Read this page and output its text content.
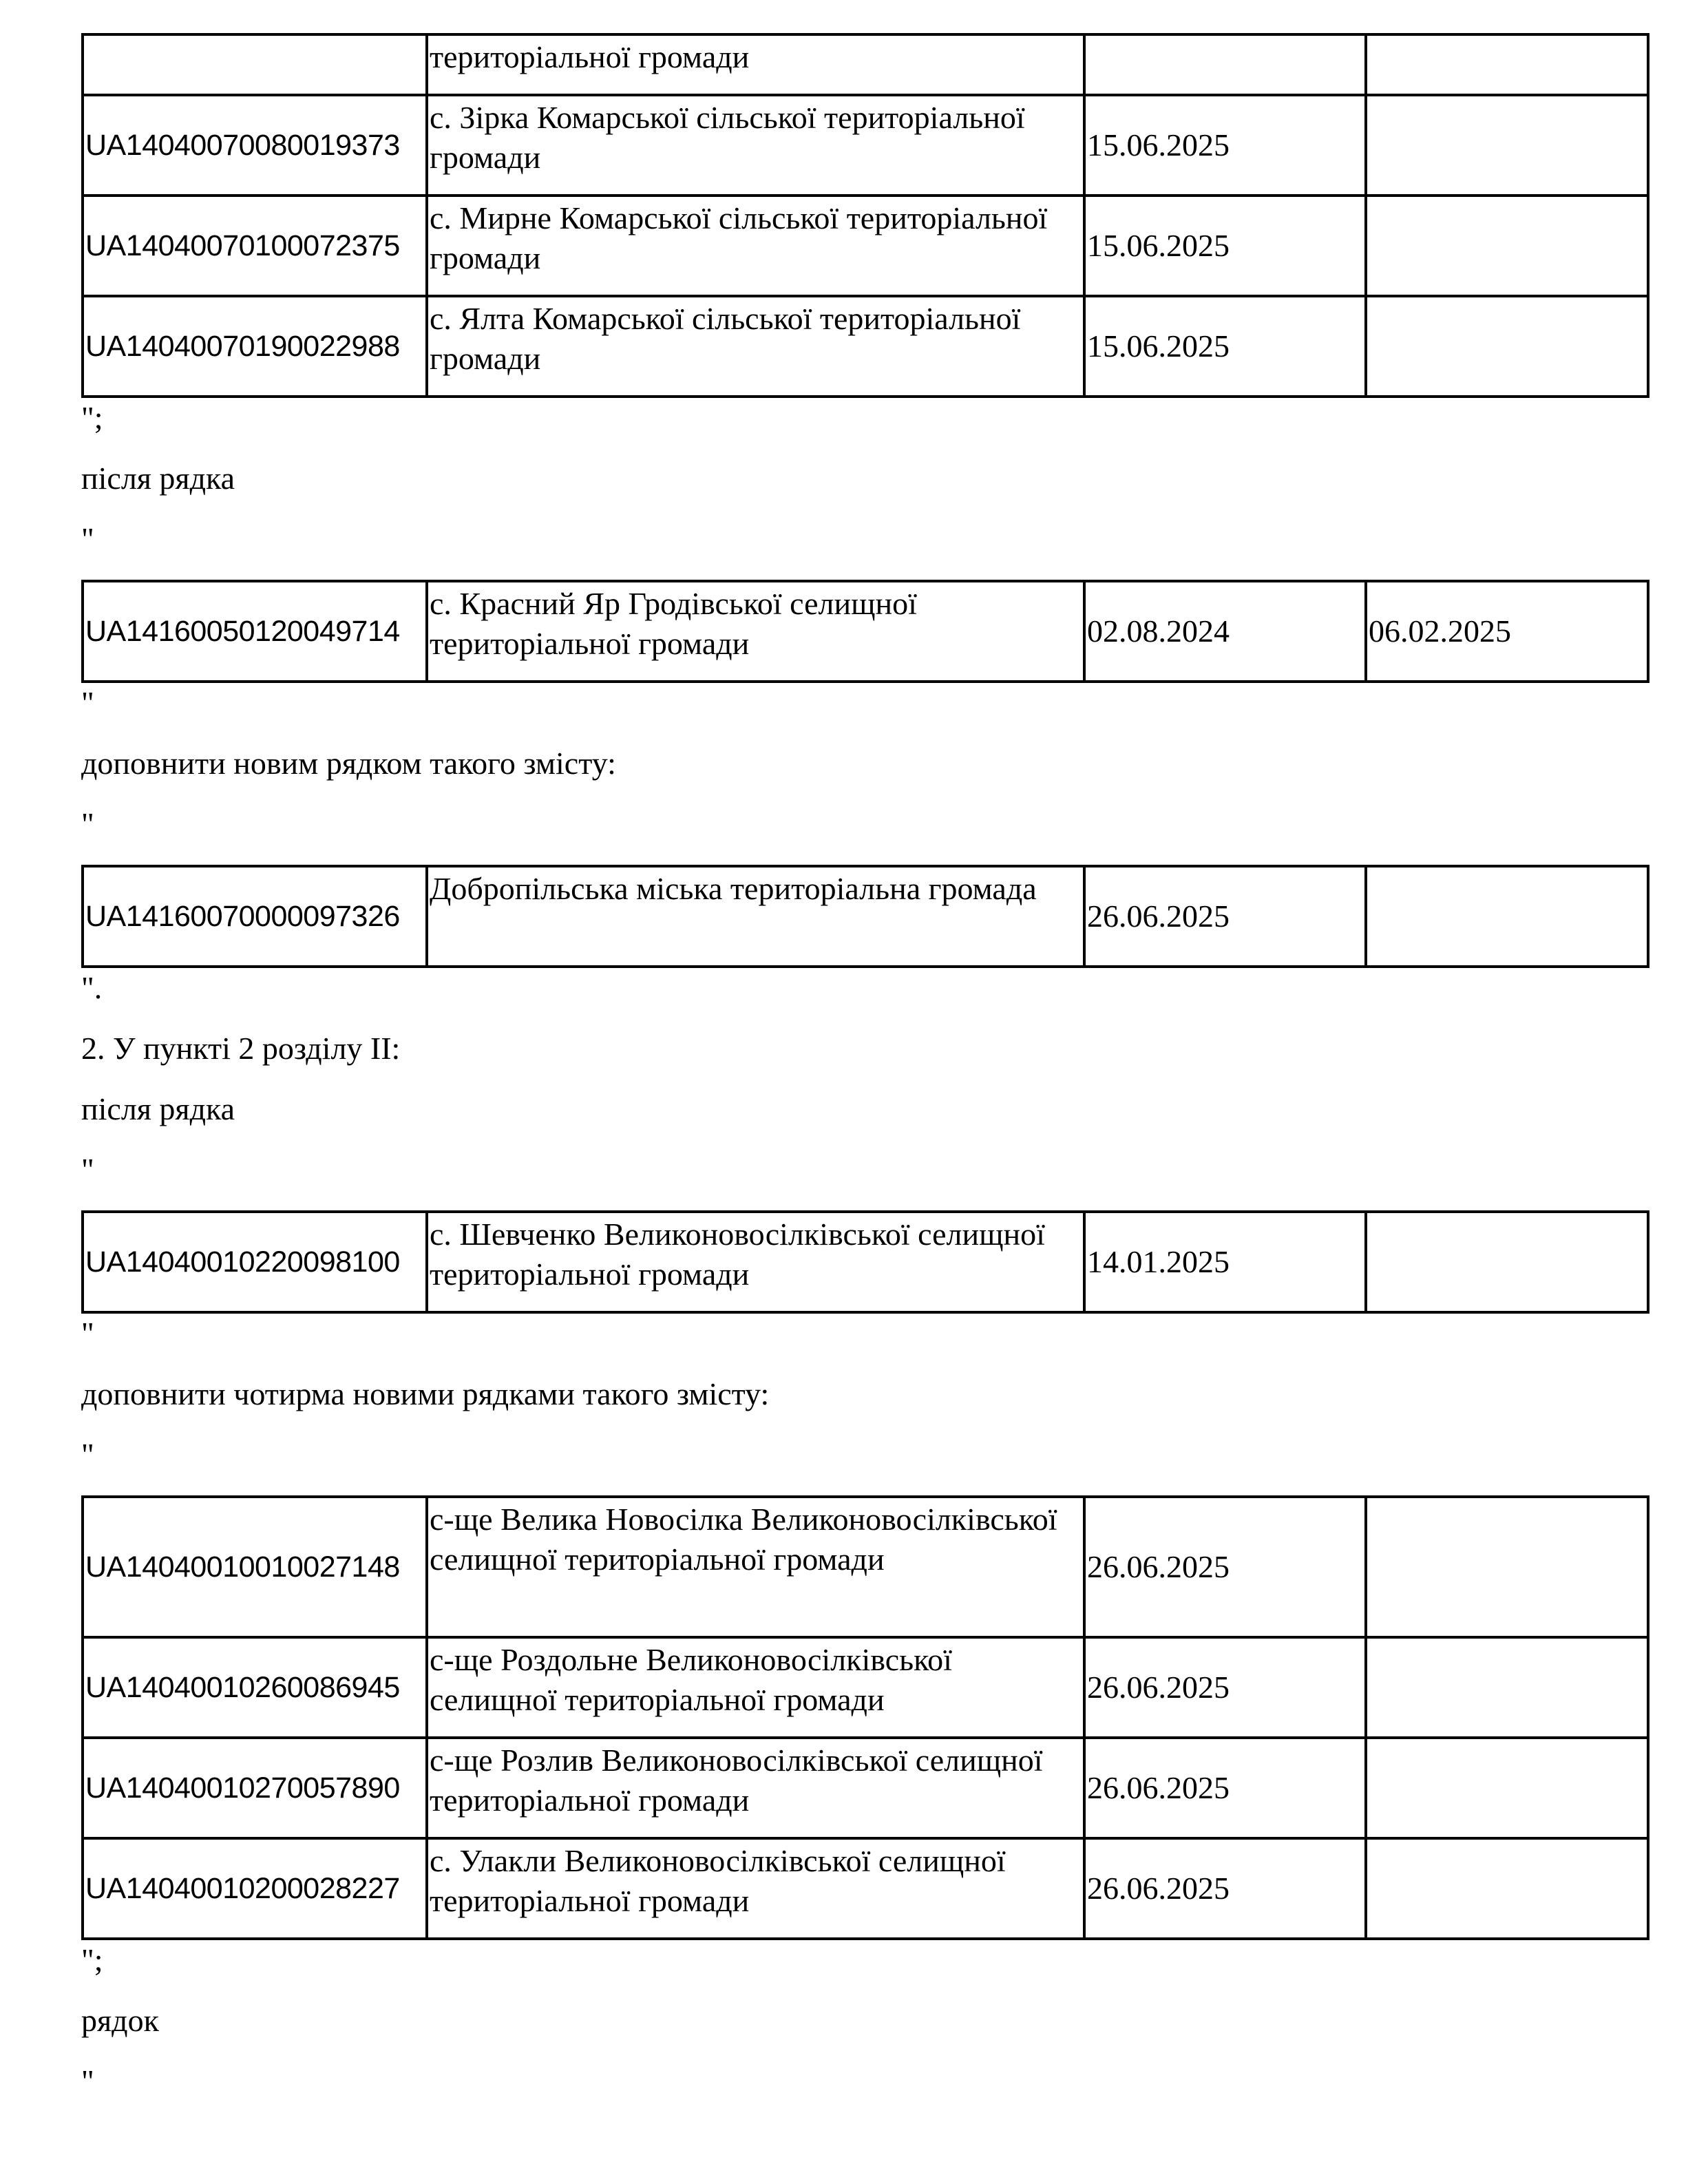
	територіальної громади		
UA14040070080019373	с. Зірка Комарської сільської територіальної громади	15.06.2025	
UA14040070100072375	с. Мирне Комарської сільської територіальної громади	15.06.2025	
UA14040070190022988	с. Ялта Комарської сільської територіальної громади	15.06.2025	

";

після рядка

"

UA14160050120049714	с. Красний Яр Гродівської селищної територіальної громади	02.08.2024	06.02.2025

"

доповнити новим рядком такого змісту:

"

UA14160070000097326	Добропільська міська територіальна громада	26.06.2025	

".

2. У пункті 2 розділу II:

після рядка

"

UA14040010220098100	с. Шевченко Великоновосілківської селищної територіальної громади	14.01.2025	

"

доповнити чотирма новими рядками такого змісту:

"

UA14040010010027148	с-ще Велика Новосілка Великоновосілківської селищної територіальної громади	26.06.2025	
UA14040010260086945	с-ще Роздольне Великоновосілківської селищної територіальної громади	26.06.2025	
UA14040010270057890	с-ще Розлив Великоновосілківської селищної територіальної громади	26.06.2025	
UA14040010200028227	с. Улакли Великоновосілківської селищної територіальної громади	26.06.2025	

";

рядок

"
